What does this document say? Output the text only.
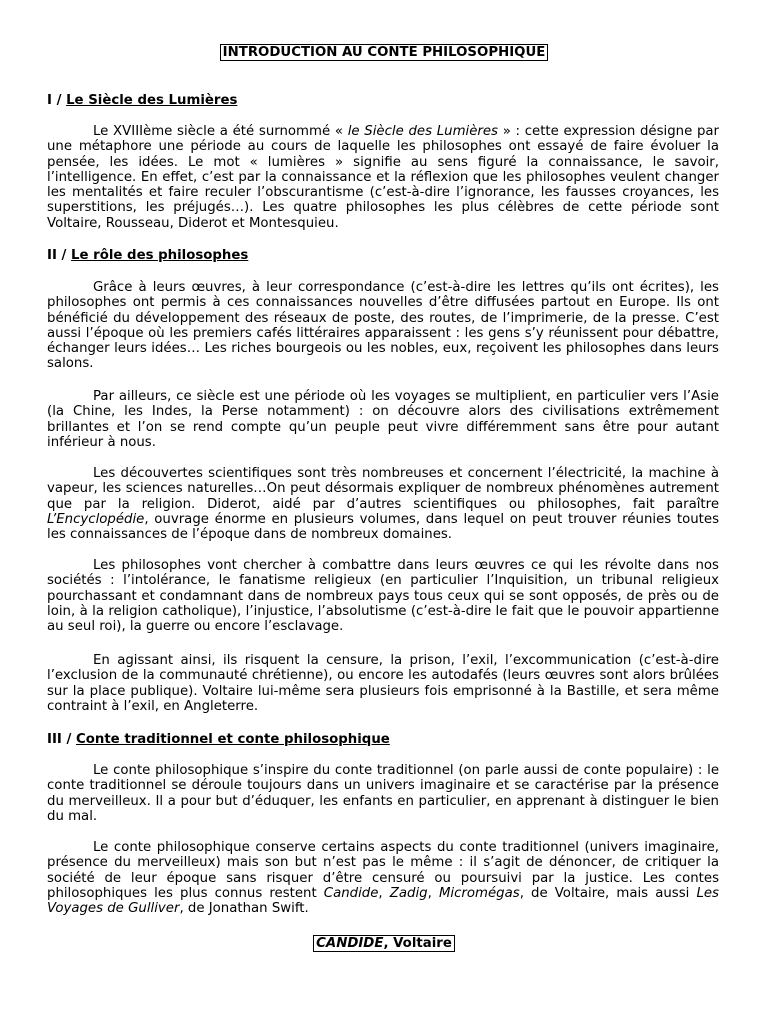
INTRODUCTION AU CONTE PHILOSOPHIQUE
I / Le Siècle des Lumières
Le XVIIIème siècle a été surnommé « le Siècle des Lumières » : cette expression désigne par une métaphore une période au cours de laquelle les philosophes ont essayé de faire évoluer la pensée, les idées. Le mot « lumières » signifie au sens figuré la connaissance, le savoir, l’intelligence. En effet, c’est par la connaissance et la réflexion que les philosophes veulent changer les mentalités et faire reculer l’obscurantisme (c’est-à-dire l’ignorance, les fausses croyances, les superstitions, les préjugés…). Les quatre philosophes les plus célèbres de cette période sont Voltaire, Rousseau, Diderot et Montesquieu.
II / Le rôle des philosophes
Grâce à leurs œuvres, à leur correspondance (c’est-à-dire les lettres qu’ils ont écrites), les philosophes ont permis à ces connaissances nouvelles d’être diffusées partout en Europe. Ils ont bénéficié du développement des réseaux de poste, des routes, de l’imprimerie, de la presse. C’est aussi l’époque où les premiers cafés littéraires apparaissent : les gens s’y réunissent pour débattre, échanger leurs idées… Les riches bourgeois ou les nobles, eux, reçoivent les philosophes dans leurs salons.
Par ailleurs, ce siècle est une période où les voyages se multiplient, en particulier vers l’Asie (la Chine, les Indes, la Perse notamment) : on découvre alors des civilisations extrêmement brillantes et l’on se rend compte qu’un peuple peut vivre différemment sans être pour autant inférieur à nous.
Les découvertes scientifiques sont très nombreuses et concernent l’électricité, la machine à vapeur, les sciences naturelles…On peut désormais expliquer de nombreux phénomènes autrement que par la religion. Diderot, aidé par d’autres scientifiques ou philosophes, fait paraître L’Encyclopédie, ouvrage énorme en plusieurs volumes, dans lequel on peut trouver réunies toutes les connaissances de l’époque dans de nombreux domaines.
Les philosophes vont chercher à combattre dans leurs œuvres ce qui les révolte dans nos sociétés : l’intolérance, le fanatisme religieux (en particulier l’Inquisition, un tribunal religieux pourchassant et condamnant dans de nombreux pays tous ceux qui se sont opposés, de près ou de loin, à la religion catholique), l’injustice, l’absolutisme (c’est-à-dire le fait que le pouvoir appartienne au seul roi), la guerre ou encore l’esclavage.
En agissant ainsi, ils risquent la censure, la prison, l’exil, l’excommunication (c’est-à-dire l’exclusion de la communauté chrétienne), ou encore les autodafés (leurs œuvres sont alors brûlées sur la place publique). Voltaire lui-même sera plusieurs fois emprisonné à la Bastille, et sera même contraint à l’exil, en Angleterre.
III / Conte traditionnel et conte philosophique
Le conte philosophique s’inspire du conte traditionnel (on parle aussi de conte populaire) : le conte traditionnel se déroule toujours dans un univers imaginaire et se caractérise par la présence du merveilleux. Il a pour but d’éduquer, les enfants en particulier, en apprenant à distinguer le bien du mal.
Le conte philosophique conserve certains aspects du conte traditionnel (univers imaginaire, présence du merveilleux) mais son but n’est pas le même : il s’agit de dénoncer, de critiquer la société de leur époque sans risquer d’être censuré ou poursuivi par la justice. Les contes philosophiques les plus connus restent Candide, Zadig, Micromégas, de Voltaire, mais aussi Les Voyages de Gulliver, de Jonathan Swift.
CANDIDE, Voltaire
